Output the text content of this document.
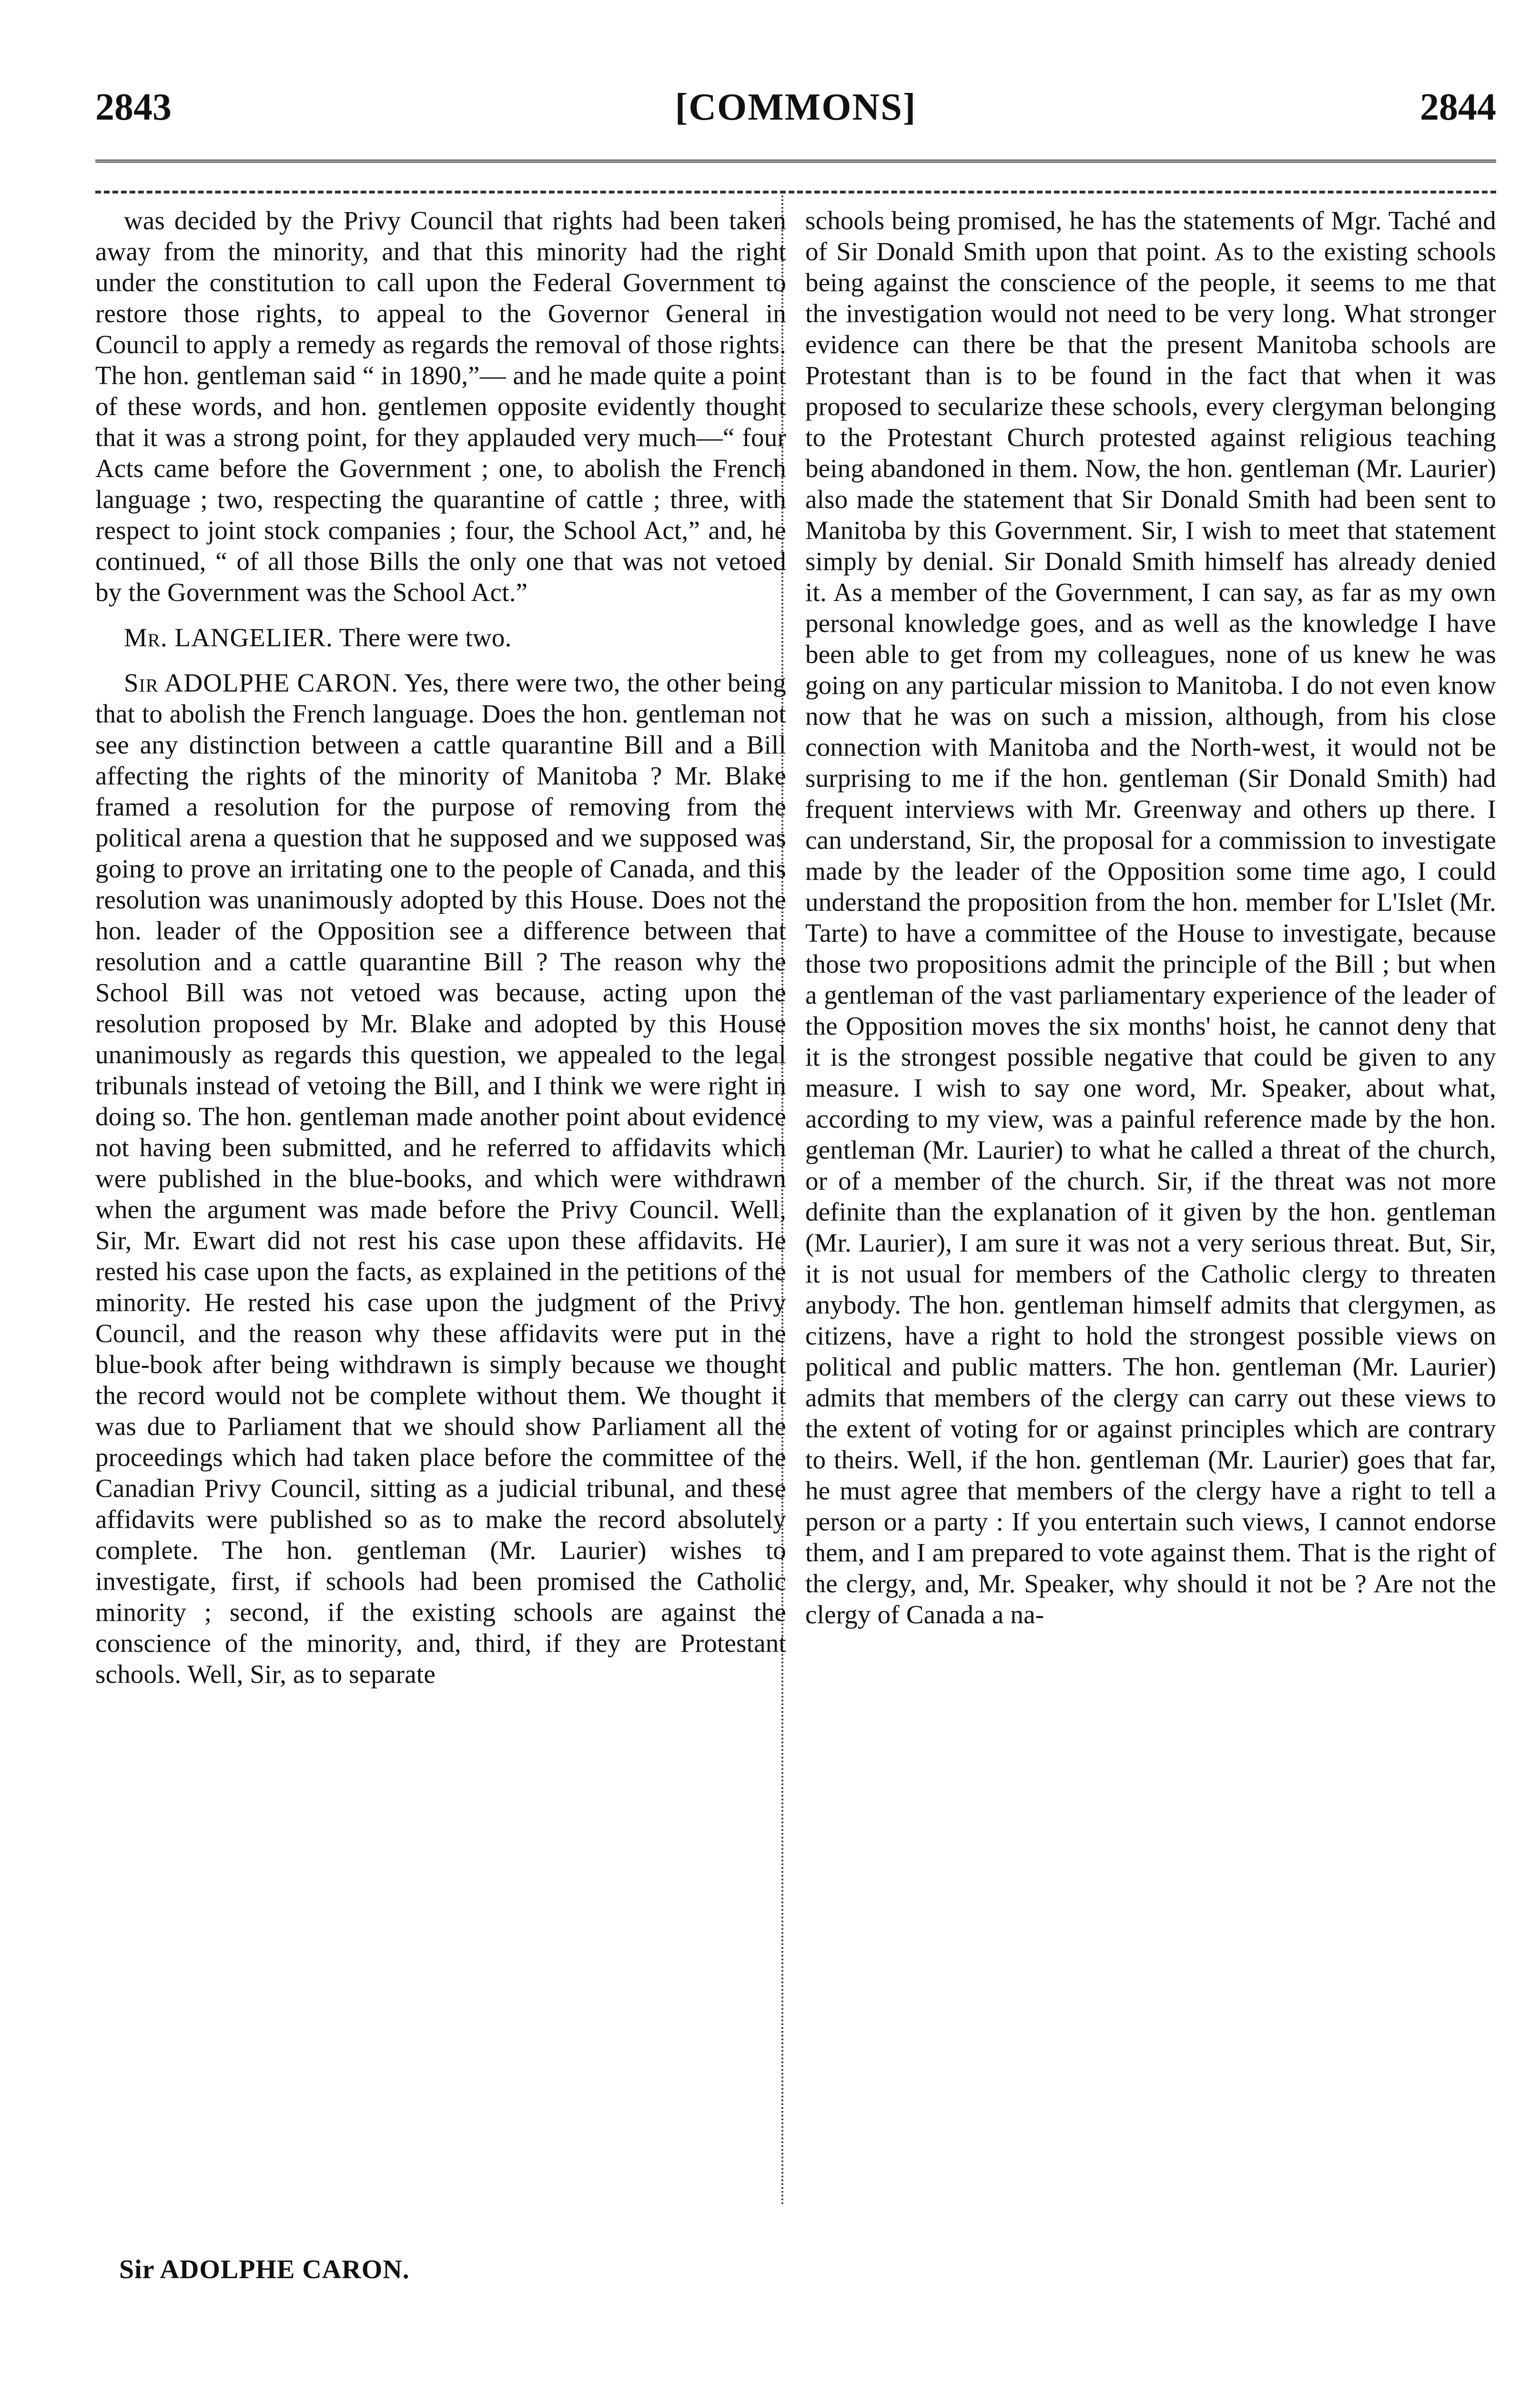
2843	[COMMONS]	2844

was decided by the Privy Council that rights had been taken away from the minority, and that this minority had the right under the constitution to call upon the Federal Government to restore those rights, to appeal to the Governor General in Council to apply a remedy as regards the removal of those rights. The hon. gentleman said “ in 1890,”— and he made quite a point of these words, and hon. gentlemen opposite evidently thought that it was a strong point, for they applauded very much—“ four Acts came before the Government ; one, to abolish the French language ; two, respecting the quarantine of cattle ; three, with respect to joint stock companies ; four, the School Act,” and, he continued, “ of all those Bills the only one that was not vetoed by the Government was the School Act.”

Mr. LANGELIER. There were two.

Sir ADOLPHE CARON. Yes, there were two, the other being that to abolish the French language. Does the hon. gentleman not see any distinction between a cattle quarantine Bill and a Bill affecting the rights of the minority of Manitoba ? Mr. Blake framed a resolution for the purpose of removing from the political arena a question that he supposed and we supposed was going to prove an irritating one to the people of Canada, and this resolution was unanimously adopted by this House. Does not the hon. leader of the Opposition see a difference between that resolution and a cattle quarantine Bill ? The reason why the School Bill was not vetoed was because, acting upon the resolution proposed by Mr. Blake and adopted by this House unanimously as regards this question, we appealed to the legal tribunals instead of vetoing the Bill, and I think we were right in doing so. The hon. gentleman made another point about evidence not having been submitted, and he referred to affidavits which were published in the blue-books, and which were withdrawn when the argument was made before the Privy Council. Well, Sir, Mr. Ewart did not rest his case upon these affidavits. He rested his case upon the facts, as explained in the petitions of the minority. He rested his case upon the judgment of the Privy Council, and the reason why these affidavits were put in the blue-book after being withdrawn is simply because we thought the record would not be complete without them. We thought it was due to Parliament that we should show Parliament all the proceedings which had taken place before the committee of the Canadian Privy Council, sitting as a judicial tribunal, and these affidavits were published so as to make the record absolutely complete. The hon. gentleman (Mr. Laurier) wishes to investigate, first, if schools had been promised the Catholic minority ; second, if the existing schools are against the conscience of the minority, and, third, if they are Protestant schools. Well, Sir, as to separate

schools being promised, he has the statements of Mgr. Taché and of Sir Donald Smith upon that point. As to the existing schools being against the conscience of the people, it seems to me that the investigation would not need to be very long. What stronger evidence can there be that the present Manitoba schools are Protestant than is to be found in the fact that when it was proposed to secularize these schools, every clergyman belonging to the Protestant Church protested against religious teaching being abandoned in them. Now, the hon. gentleman (Mr. Laurier) also made the statement that Sir Donald Smith had been sent to Manitoba by this Government. Sir, I wish to meet that statement simply by denial. Sir Donald Smith himself has already denied it. As a member of the Government, I can say, as far as my own personal knowledge goes, and as well as the knowledge I have been able to get from my colleagues, none of us knew he was going on any particular mission to Manitoba. I do not even know now that he was on such a mission, although, from his close connection with Manitoba and the North-west, it would not be surprising to me if the hon. gentleman (Sir Donald Smith) had frequent interviews with Mr. Greenway and others up there. I can understand, Sir, the proposal for a commission to investigate made by the leader of the Opposition some time ago, I could understand the proposition from the hon. member for L'Islet (Mr. Tarte) to have a committee of the House to investigate, because those two propositions admit the principle of the Bill ; but when a gentleman of the vast parliamentary experience of the leader of the Opposition moves the six months' hoist, he cannot deny that it is the strongest possible negative that could be given to any measure. I wish to say one word, Mr. Speaker, about what, according to my view, was a painful reference made by the hon. gentleman (Mr. Laurier) to what he called a threat of the church, or of a member of the church. Sir, if the threat was not more definite than the explanation of it given by the hon. gentleman (Mr. Laurier), I am sure it was not a very serious threat. But, Sir, it is not usual for members of the Catholic clergy to threaten anybody. The hon. gentleman himself admits that clergymen, as citizens, have a right to hold the strongest possible views on political and public matters. The hon. gentleman (Mr. Laurier) admits that members of the clergy can carry out these views to the extent of voting for or against principles which are contrary to theirs. Well, if the hon. gentleman (Mr. Laurier) goes that far, he must agree that members of the clergy have a right to tell a person or a party : If you entertain such views, I cannot endorse them, and I am prepared to vote against them. That is the right of the clergy, and, Mr. Speaker, why should it not be ? Are not the clergy of Canada a na-

Sir ADOLPHE CARON.
